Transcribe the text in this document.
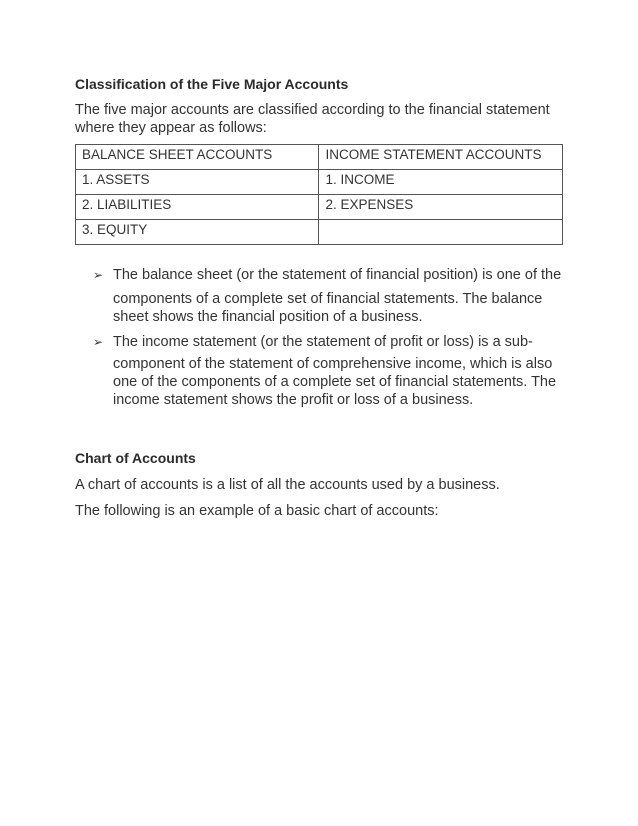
Classification of the Five Major Accounts
The five major accounts are classified according to the financial statement where they appear as follows:
BALANCE SHEET ACCOUNTS	INCOME STATEMENT ACCOUNTS
1. ASSETS	1. INCOME
2. LIABILITIES	2. EXPENSES
3. EQUITY	
➢ The balance sheet (or the statement of financial position) is one of the
components of a complete set of financial statements. The balance sheet shows the financial position of a business.
➢ The income statement (or the statement of profit or loss) is a sub-
component of the statement of comprehensive income, which is also one of the components of a complete set of financial statements. The income statement shows the profit or loss of a business.
Chart of Accounts
A chart of accounts is a list of all the accounts used by a business.
The following is an example of a basic chart of accounts:
